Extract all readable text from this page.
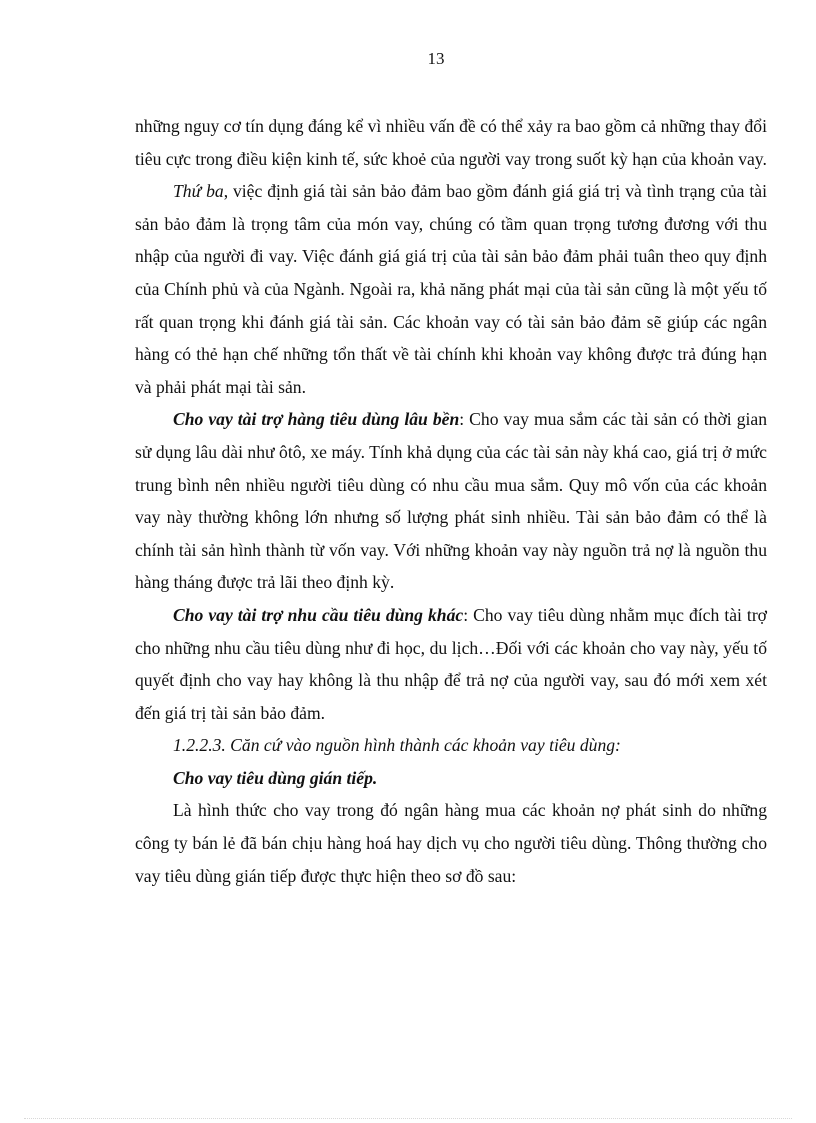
13

những nguy cơ tín dụng đáng kể vì nhiều vấn đề có thể xảy ra bao gồm cả những thay đổi tiêu cực trong điều kiện kinh tế, sức khoẻ của người vay trong suốt kỳ hạn của khoản vay.

Thứ ba, việc định giá tài sản bảo đảm bao gồm đánh giá giá trị và tình trạng của tài sản bảo đảm là trọng tâm của món vay, chúng có tầm quan trọng tương đương với thu nhập của người đi vay. Việc đánh giá giá trị của tài sản bảo đảm phải tuân theo quy định của Chính phủ và của Ngành. Ngoài ra, khả năng phát mại của tài sản cũng là một yếu tố rất quan trọng khi đánh giá tài sản. Các khoản vay có tài sản bảo đảm sẽ giúp các ngân hàng có thẻ hạn chế những tổn thất về tài chính khi khoản vay không được trả đúng hạn và phải phát mại tài sản.

Cho vay tài trợ hàng tiêu dùng lâu bền: Cho vay mua sắm các tài sản có thời gian sử dụng lâu dài như ôtô, xe máy. Tính khả dụng của các tài sản này khá cao, giá trị ở mức trung bình nên nhiều người tiêu dùng có nhu cầu mua sắm. Quy mô vốn của các khoản vay này thường không lớn nhưng số lượng phát sinh nhiều. Tài sản bảo đảm có thể là chính tài sản hình thành từ vốn vay. Với những khoản vay này nguồn trả nợ là nguồn thu hàng tháng được trả lãi theo định kỳ.

Cho vay tài trợ nhu cầu tiêu dùng khác: Cho vay tiêu dùng nhằm mục đích tài trợ cho những nhu cầu tiêu dùng như đi học, du lịch…Đối với các khoản cho vay này, yếu tố quyết định cho vay hay không là thu nhập để trả nợ của người vay, sau đó mới xem xét đến giá trị tài sản bảo đảm.

1.2.2.3. Căn cứ vào nguồn hình thành các khoản vay tiêu dùng:

Cho vay tiêu dùng gián tiếp.

Là hình thức cho vay trong đó ngân hàng mua các khoản nợ phát sinh do những công ty bán lẻ đã bán chịu hàng hoá hay dịch vụ cho người tiêu dùng. Thông thường cho vay tiêu dùng gián tiếp được thực hiện theo sơ đồ sau:
